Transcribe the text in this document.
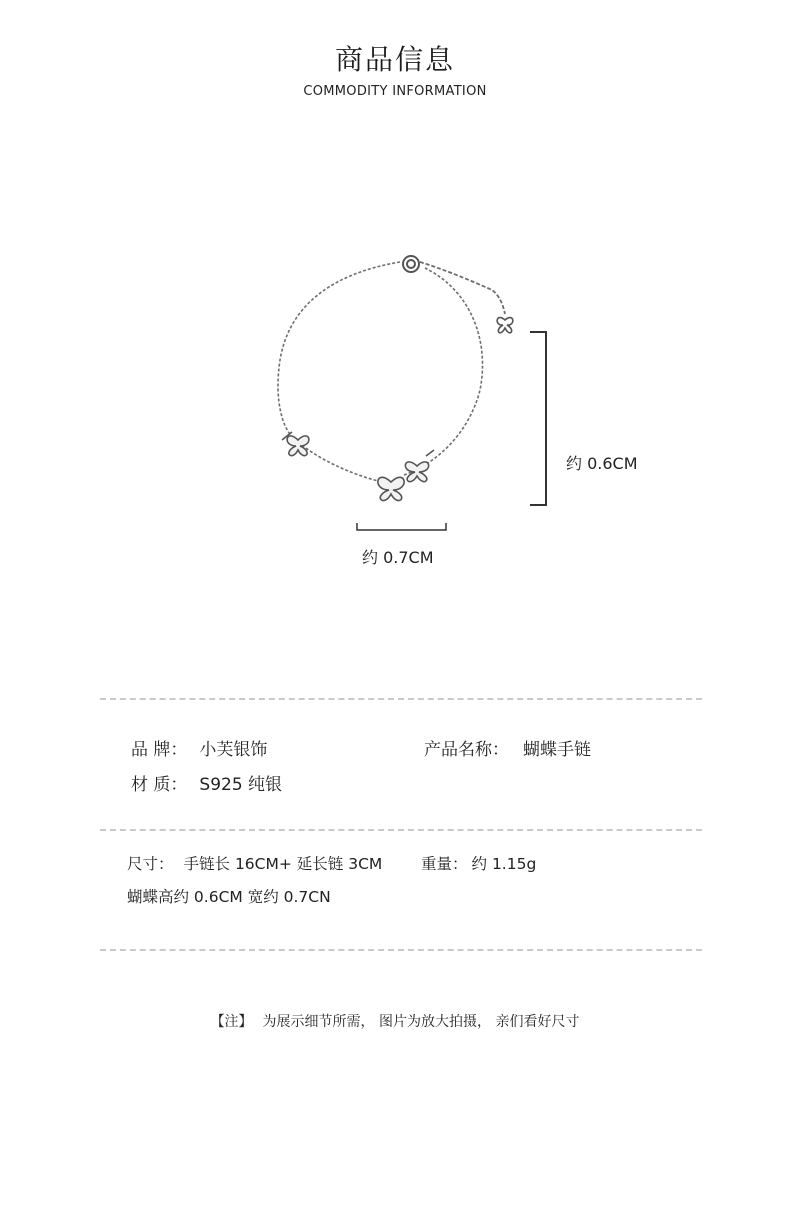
商品信息
COMMODITY INFORMATION
约 0.6CM
约 0.7CM
品 牌： 小芙银饰	产品名称： 蝴蝶手链
材 质： S925 纯银
尺寸： 手链长 16CM+ 延长链 3CM 重量： 约 1.15g
蝴蝶高约 0.6CM 宽约 0.7CN
【注】 为展示细节所需， 图片为放大拍摄， 亲们看好尺寸
